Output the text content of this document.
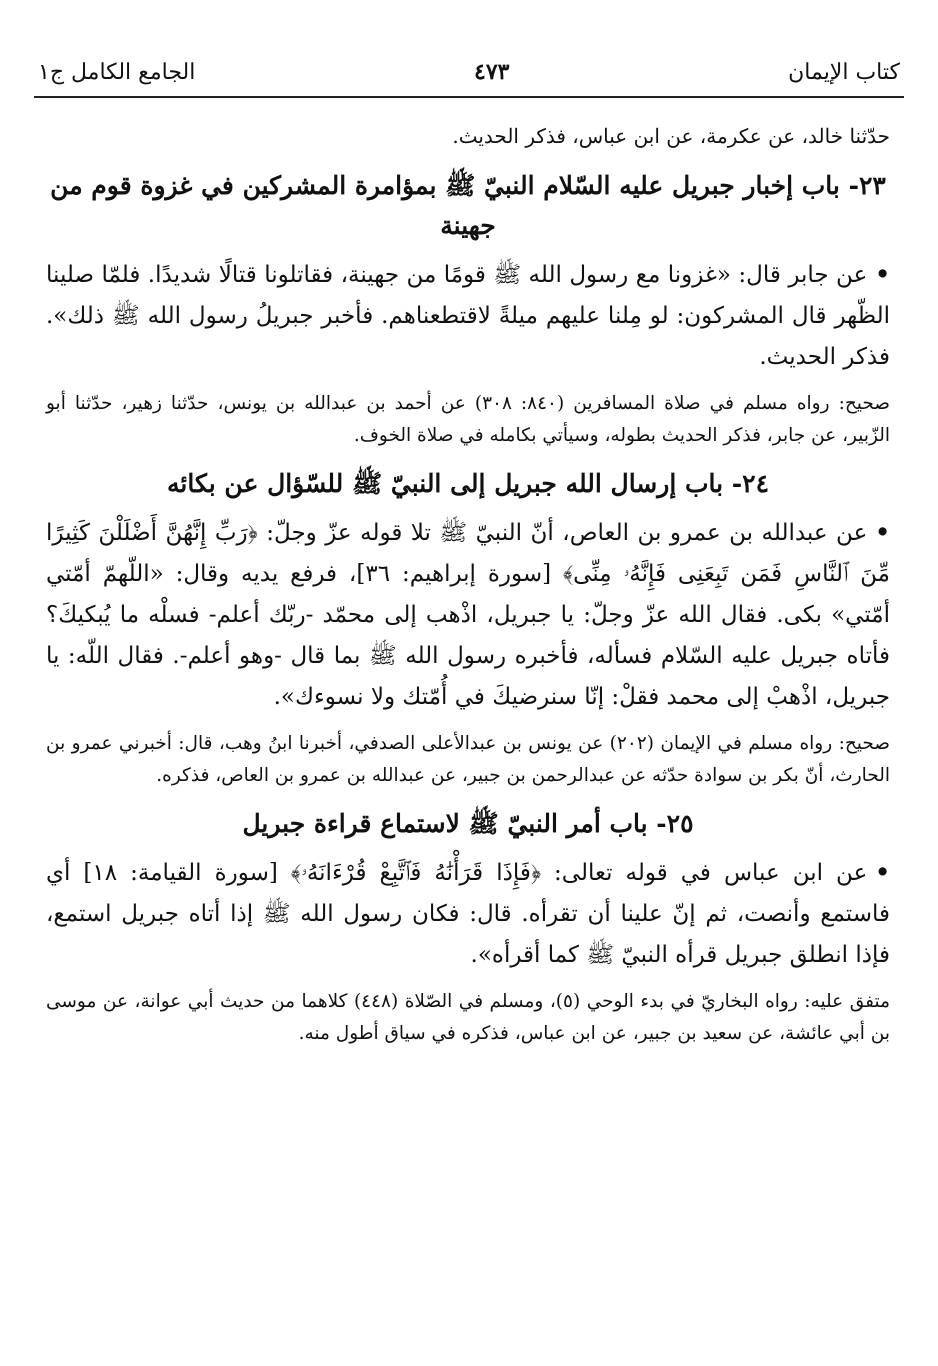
كتاب الإيمان
٤٧٣
الجامع الكامل ج١

حدّثنا خالد، عن عكرمة، عن ابن عباس، فذكر الحديث.

٢٣- باب إخبار جبريل عليه السّلام النبيّ ﷺ بمؤامرة المشركين في غزوة قوم من جهينة

•عن جابر قال: «غزونا مع رسول الله ﷺ قومًا من جهينة، فقاتلونا قتالًا شديدًا. فلمّا صلينا الظّهر قال المشركون: لو مِلنا عليهم ميلةً لاقتطعناهم. فأخبر جبريلُ رسول الله ﷺ ذلك». فذكر الحديث.

صحيح: رواه مسلم في صلاة المسافرين (٨٤٠: ٣٠٨) عن أحمد بن عبدالله بن يونس، حدّثنا زهير، حدّثنا أبو الزّبير، عن جابر، فذكر الحديث بطوله، وسيأتي بكامله في صلاة الخوف.

٢٤- باب إرسال الله جبريل إلى النبيّ ﷺ للسّؤال عن بكائه

•عن عبدالله بن عمرو بن العاص، أنّ النبيّ ﷺ تلا قوله عزّ وجلّ: ﴿رَبِّ إِنَّهُنَّ أَضْلَلْنَ كَثِيرًا مِّنَ ٱلنَّاسِ فَمَن تَبِعَنِى فَإِنَّهُۥ مِنِّى﴾ [سورة إبراهيم: ٣٦]، فرفع يديه وقال: «اللّهمّ أمّتي أمّتي» بكى. فقال الله عزّ وجلّ: يا جبريل، اذْهب إلى محمّد -ربّك أعلم- فسلْه ما يُبكيكَ؟ فأتاه جبريل عليه السّلام فسأله، فأخبره رسول الله ﷺ بما قال -وهو أعلم-. فقال اللّه: يا جبريل، اذْهبْ إلى محمد فقلْ: إنّا سنرضيكَ في أُمّتك ولا نسوءك».

صحيح: رواه مسلم في الإيمان (٢٠٢) عن يونس بن عبدالأعلى الصدفي، أخبرنا ابنُ وهب، قال: أخبرني عمرو بن الحارث، أنّ بكر بن سوادة حدّثه عن عبدالرحمن بن جبير، عن عبدالله بن عمرو بن العاص، فذكره.

٢٥- باب أمر النبيّ ﷺ لاستماع قراءة جبريل

•عن ابن عباس في قوله تعالى: ﴿فَإِذَا قَرَأْنَٰهُ فَٱتَّبِعْ قُرْءَانَهُۥ﴾ [سورة القيامة: ١٨] أي فاستمع وأنصت، ثم إنّ علينا أن تقرأه. قال: فكان رسول الله ﷺ إذا أتاه جبريل استمع، فإذا انطلق جبريل قرأه النبيّ ﷺ كما أقرأه».

متفق عليه: رواه البخاريّ في بدء الوحي (٥)، ومسلم في الصّلاة (٤٤٨) كلاهما من حديث أبي عوانة، عن موسى بن أبي عائشة، عن سعيد بن جبير، عن ابن عباس، فذكره في سياق أطول منه.
